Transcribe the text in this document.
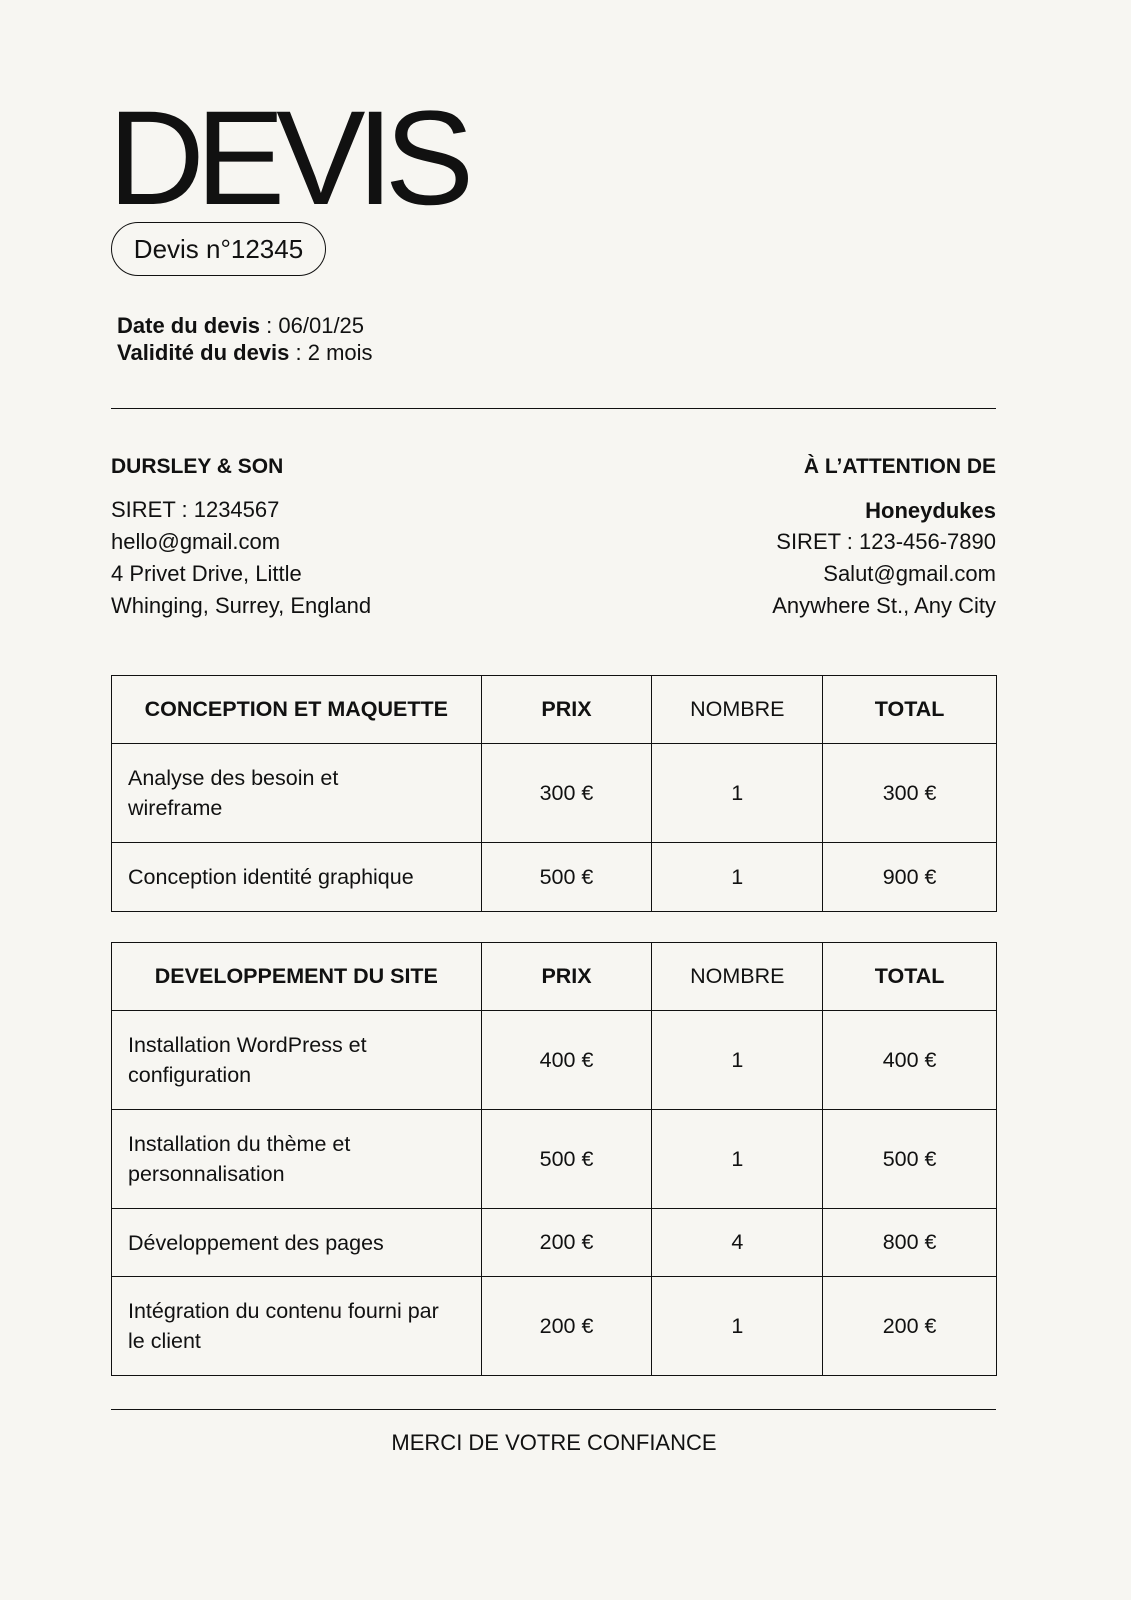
DEVIS
Devis n°12345
Date du devis : 06/01/25
Validité du devis : 2 mois
DURSLEY & SON
SIRET : 1234567
hello@gmail.com
4 Privet Drive, Little
Whinging, Surrey, England
À L’ATTENTION DE
Honeydukes
SIRET : 123-456-7890
Salut@gmail.com
Anywhere St., Any City
CONCEPTION ET MAQUETTE	PRIX	NOMBRE	TOTAL
Analyse des besoin et wireframe	300 €	1	300 €
Conception identité graphique	500 €	1	900 €
DEVELOPPEMENT DU SITE	PRIX	NOMBRE	TOTAL
Installation WordPress et configuration	400 €	1	400 €
Installation du thème et personnalisation	500 €	1	500 €
Développement des pages	200 €	4	800 €
Intégration du contenu fourni par le client	200 €	1	200 €
MERCI DE VOTRE CONFIANCE
